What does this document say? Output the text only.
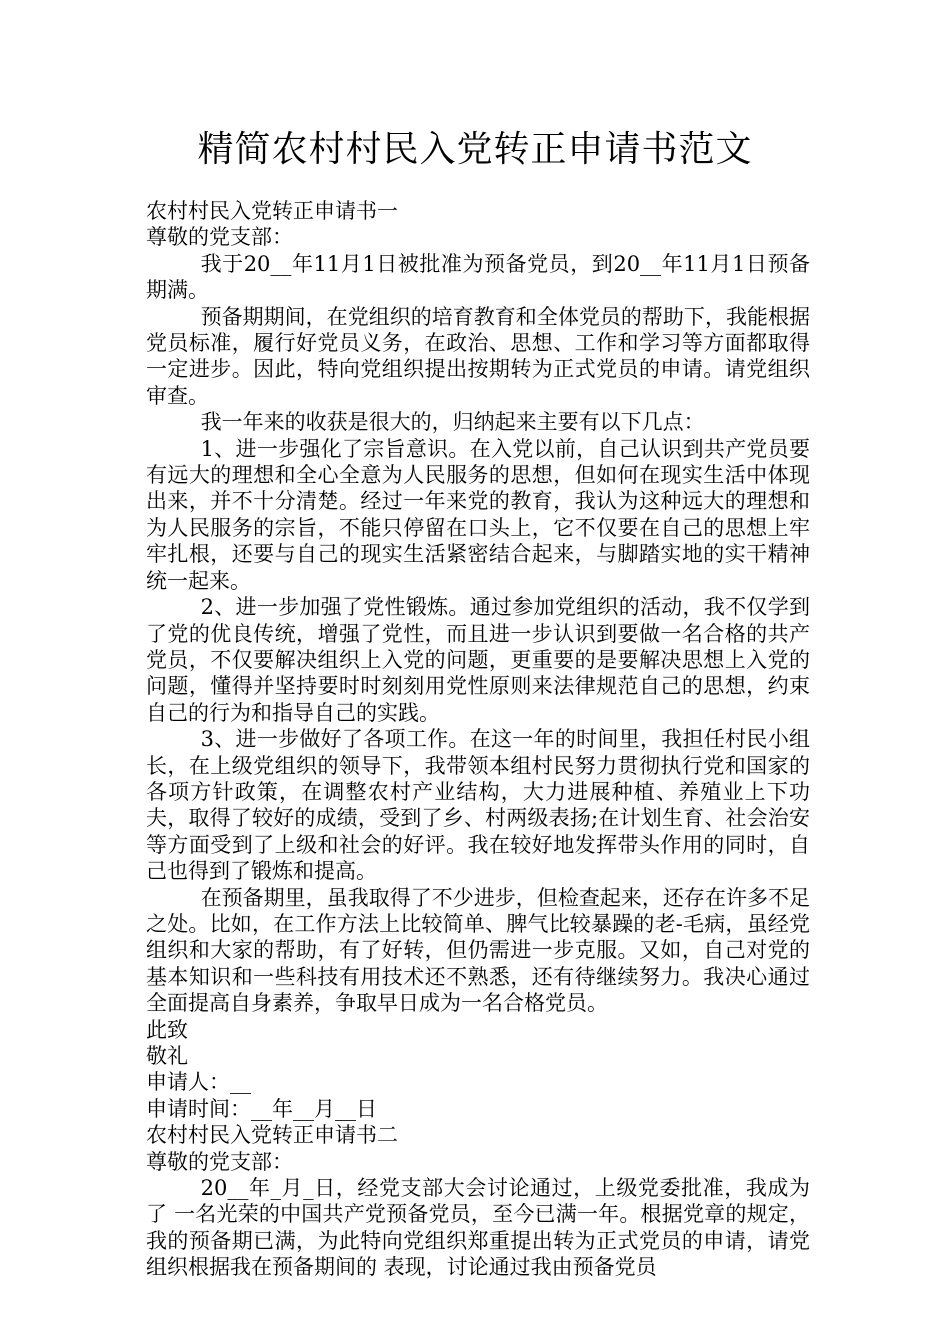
精简农村村民入党转正申请书范文

农村村民入党转正申请书一

尊敬的党支部：

我于20__年11月1日被批准为预备党员，到20__年11月1日预备期满。

预备期期间，在党组织的培育教育和全体党员的帮助下，我能根据党员标准，履行好党员义务，在政治、思想、工作和学习等方面都取得一定进步。因此，特向党组织提出按期转为正式党员的申请。请党组织审查。

我一年来的收获是很大的，归纳起来主要有以下几点：

1、进一步强化了宗旨意识。在入党以前，自己认识到共产党员要有远大的理想和全心全意为人民服务的思想，但如何在现实生活中体现出来，并不十分清楚。经过一年来党的教育，我认为这种远大的理想和为人民服务的宗旨，不能只停留在口头上，它不仅要在自己的思想上牢牢扎根，还要与自己的现实生活紧密结合起来，与脚踏实地的实干精神统一起来。

2、进一步加强了党性锻炼。通过参加党组织的活动，我不仅学到了党的优良传统，增强了党性，而且进一步认识到要做一名合格的共产党员，不仅要解决组织上入党的问题，更重要的是要解决思想上入党的问题，懂得并坚持要时时刻刻用党性原则来法律规范自己的思想，约束自己的行为和指导自己的实践。

3、进一步做好了各项工作。在这一年的时间里，我担任村民小组长，在上级党组织的领导下，我带领本组村民努力贯彻执行党和国家的各项方针政策，在调整农村产业结构，大力进展种植、养殖业上下功夫，取得了较好的成绩，受到了乡、村两级表扬;在计划生育、社会治安等方面受到了上级和社会的好评。我在较好地发挥带头作用的同时，自己也得到了锻炼和提高。

在预备期里，虽我取得了不少进步，但检查起来，还存在许多不足之处。比如，在工作方法上比较简单、脾气比较暴躁的老-毛病，虽经党组织和大家的帮助，有了好转，但仍需进一步克服。又如，自己对党的基本知识和一些科技有用技术还不熟悉，还有待继续努力。我决心通过全面提高自身素养，争取早日成为一名合格党员。

此致

敬礼

申请人：__

申请时间：__年__月__日

农村村民入党转正申请书二

尊敬的党支部：

20__年_月_日，经党支部大会讨论通过，上级党委批准，我成为了 一名光荣的中国共产党预备党员，至今已满一年。根据党章的规定，我的预备期已满，为此特向党组织郑重提出转为正式党员的申请，请党组织根据我在预备期间的 表现，讨论通过我由预备党员
